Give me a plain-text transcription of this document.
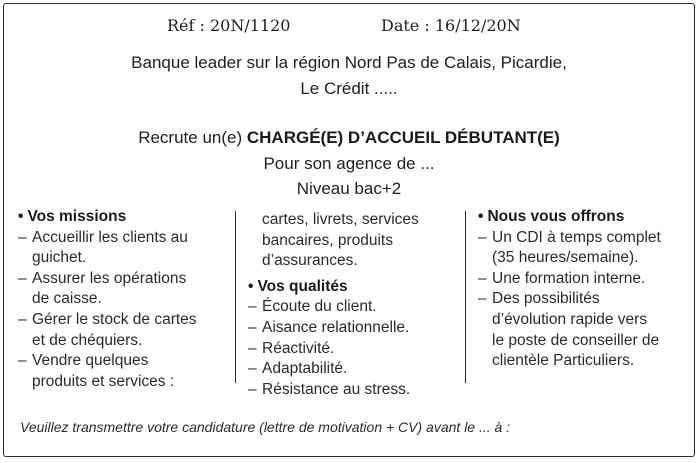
Réf : 20N/1120	Date : 16/12/20N
Banque leader sur la région Nord Pas de Calais, Picardie,
Le Crédit .....
Recrute un(e) CHARGÉ(E) D’ACCUEIL DÉBUTANT(E)
Pour son agence de ...
Niveau bac+2
• Vos missions
– Accueillir les clients au
guichet.
– Assurer les opérations
de caisse.
– Gérer le stock de cartes
et de chéquiers.
– Vendre quelques
produits et services :
cartes, livrets, services
bancaires, produits
d’assurances.
• Vos qualités
– Écoute du client.
– Aisance relationnelle.
– Réactivité.
– Adaptabilité.
– Résistance au stress.
• Nous vous offrons
– Un CDI à temps complet
(35 heures/semaine).
– Une formation interne.
– Des possibilités
d’évolution rapide vers
le poste de conseiller de
clientèle Particuliers.
Veuillez transmettre votre candidature (lettre de motivation + CV) avant le ... à :
